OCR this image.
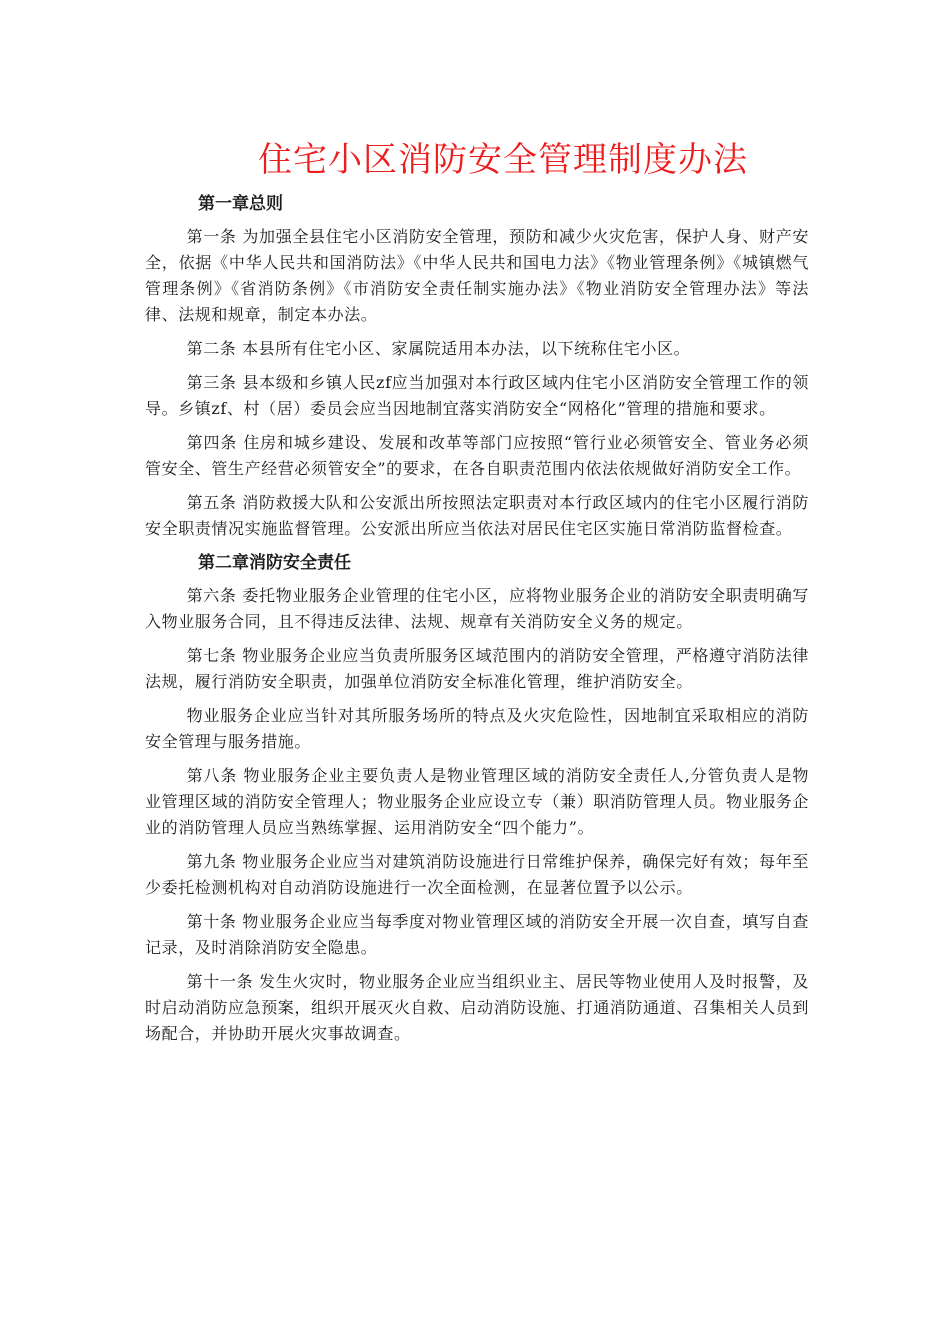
住宅小区消防安全管理制度办法

第一章总则

第一条 为加强全县住宅小区消防安全管理，预防和减少火灾危害，保护人身、财产安全，依据《中华人民共和国消防法》《中华人民共和国电力法》《物业管理条例》《城镇燃气管理条例》《省消防条例》《市消防安全责任制实施办法》《物业消防安全管理办法》等法律、法规和规章，制定本办法。

第二条 本县所有住宅小区、家属院适用本办法，以下统称住宅小区。

第三条 县本级和乡镇人民zf应当加强对本行政区域内住宅小区消防安全管理工作的领导。乡镇zf、村（居）委员会应当因地制宜落实消防安全“网格化”管理的措施和要求。

第四条 住房和城乡建设、发展和改革等部门应按照“管行业必须管安全、管业务必须管安全、管生产经营必须管安全”的要求，在各自职责范围内依法依规做好消防安全工作。

第五条 消防救援大队和公安派出所按照法定职责对本行政区域内的住宅小区履行消防安全职责情况实施监督管理。公安派出所应当依法对居民住宅区实施日常消防监督检查。

第二章消防安全责任

第六条 委托物业服务企业管理的住宅小区，应将物业服务企业的消防安全职责明确写入物业服务合同，且不得违反法律、法规、规章有关消防安全义务的规定。

第七条 物业服务企业应当负责所服务区域范围内的消防安全管理，严格遵守消防法律法规，履行消防安全职责，加强单位消防安全标准化管理，维护消防安全。

物业服务企业应当针对其所服务场所的特点及火灾危险性，因地制宜采取相应的消防安全管理与服务措施。

第八条 物业服务企业主要负责人是物业管理区域的消防安全责任人,分管负责人是物业管理区域的消防安全管理人；物业服务企业应设立专（兼）职消防管理人员。物业服务企业的消防管理人员应当熟练掌握、运用消防安全“四个能力”。

第九条 物业服务企业应当对建筑消防设施进行日常维护保养，确保完好有效；每年至少委托检测机构对自动消防设施进行一次全面检测，在显著位置予以公示。

第十条 物业服务企业应当每季度对物业管理区域的消防安全开展一次自查，填写自查记录，及时消除消防安全隐患。

第十一条 发生火灾时，物业服务企业应当组织业主、居民等物业使用人及时报警，及时启动消防应急预案，组织开展灭火自救、启动消防设施、打通消防通道、召集相关人员到场配合，并协助开展火灾事故调查。
